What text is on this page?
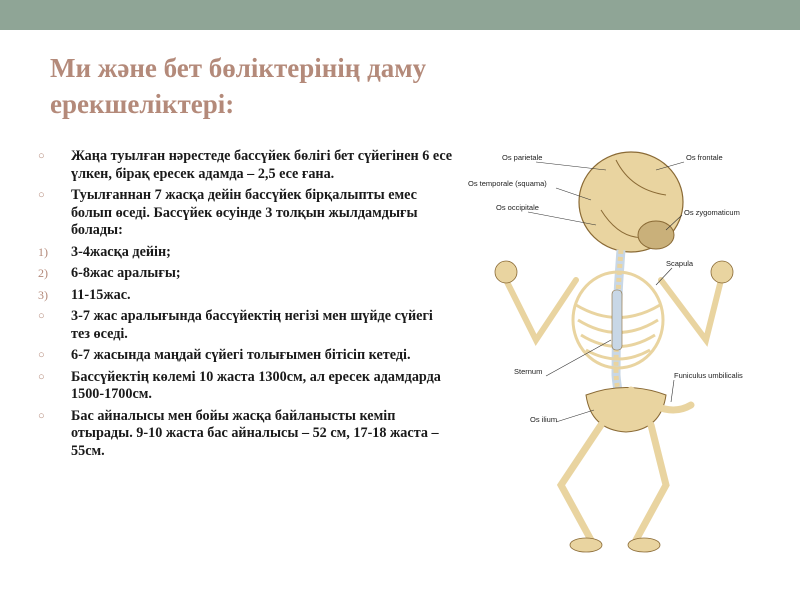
Ми және бет бөліктерінің даму
ерекшеліктері:
○ Жаңа туылған нәрестеде бассүйек бөлігі бет сүйегінен 6 есе үлкен, бірақ ересек адамда – 2,5 есе ғана.
○ Туылғаннан 7 жасқа дейін бассүйек бірқалыпты емес болып өседі. Бассүйек өсуінде 3 толқын жылдамдығы болады:
1) 3-4жасқа дейін;
2) 6-8жас аралығы;
3) 11-15жас.
○ 3-7 жас аралығында бассүйектің негізі мен шүйде сүйегі тез өседі.
○ 6-7 жасында маңдай сүйегі толығымен бітісіп кетеді.
○ Бассүйектің көлемі 10 жаста 1300см, ал ересек адамдарда 1500-1700см.
○ Бас айналысы мен бойы жасқа байланысты кеміп отырады. 9-10 жаста бас айналысы – 52 см, 17-18 жаста – 55см.
Os parietale	Os frontale
Os temporale (squama)
Os occipitale
Os zygomaticum
Scapula
Sternum	Funiculus umbilicalis
Os ilium
